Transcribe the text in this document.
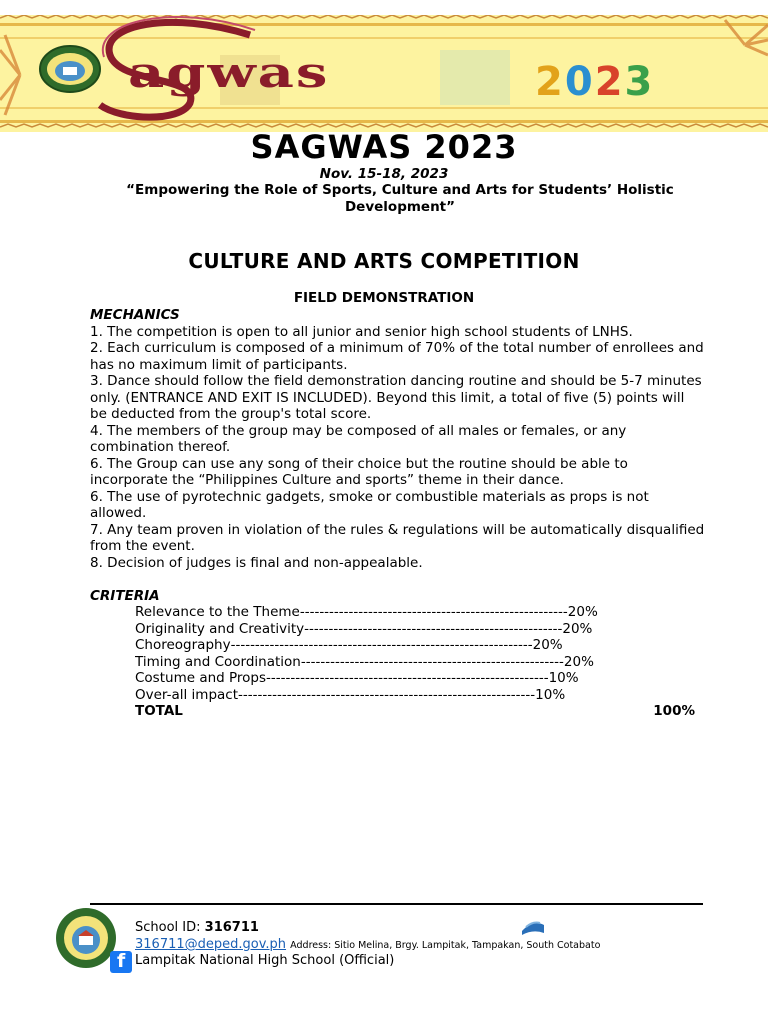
agwas	2023
SAGWAS 2023
Nov. 15-18, 2023
“Empowering the Role of Sports, Culture and Arts for Students’ Holistic Development”
CULTURE AND ARTS COMPETITION
FIELD DEMONSTRATION
MECHANICS

1. The competition is open to all junior and senior high school students of LNHS.

2. Each curriculum is composed of a minimum of 70% of the total number of enrollees and has no maximum limit of participants.

3. Dance should follow the field demonstration dancing routine and should be 5-7 minutes only. (ENTRANCE AND EXIT IS INCLUDED). Beyond this limit, a total of five (5) points will be deducted from the group's total score.

4. The members of the group may be composed of all males or females, or any combination thereof.

6. The Group can use any song of their choice but the routine should be able to incorporate the “Philippines Culture and sports” theme in their dance.

6. The use of pyrotechnic gadgets, smoke or combustible materials as props is not allowed.

7. Any team proven in violation of the rules & regulations will be automatically disqualified from the event.

8. Decision of judges is final and non-appealable.

CRITERIA
Relevance to the Theme ------------------------------------------------------- 20%
Originality and Creativity ----------------------------------------------------- 20%
Choreography -------------------------------------------------------------- 20%
Timing and Coordination ------------------------------------------------------ 20%
Costume and Props ---------------------------------------------------------- 10%
Over-all impact ------------------------------------------------------------- 10%
TOTAL	100%
School ID: 316711
316711@deped.gov.ph Address: Sitio Melina, Brgy. Lampitak, Tampakan, South Cotabato
f Lampitak National High School (Official)
